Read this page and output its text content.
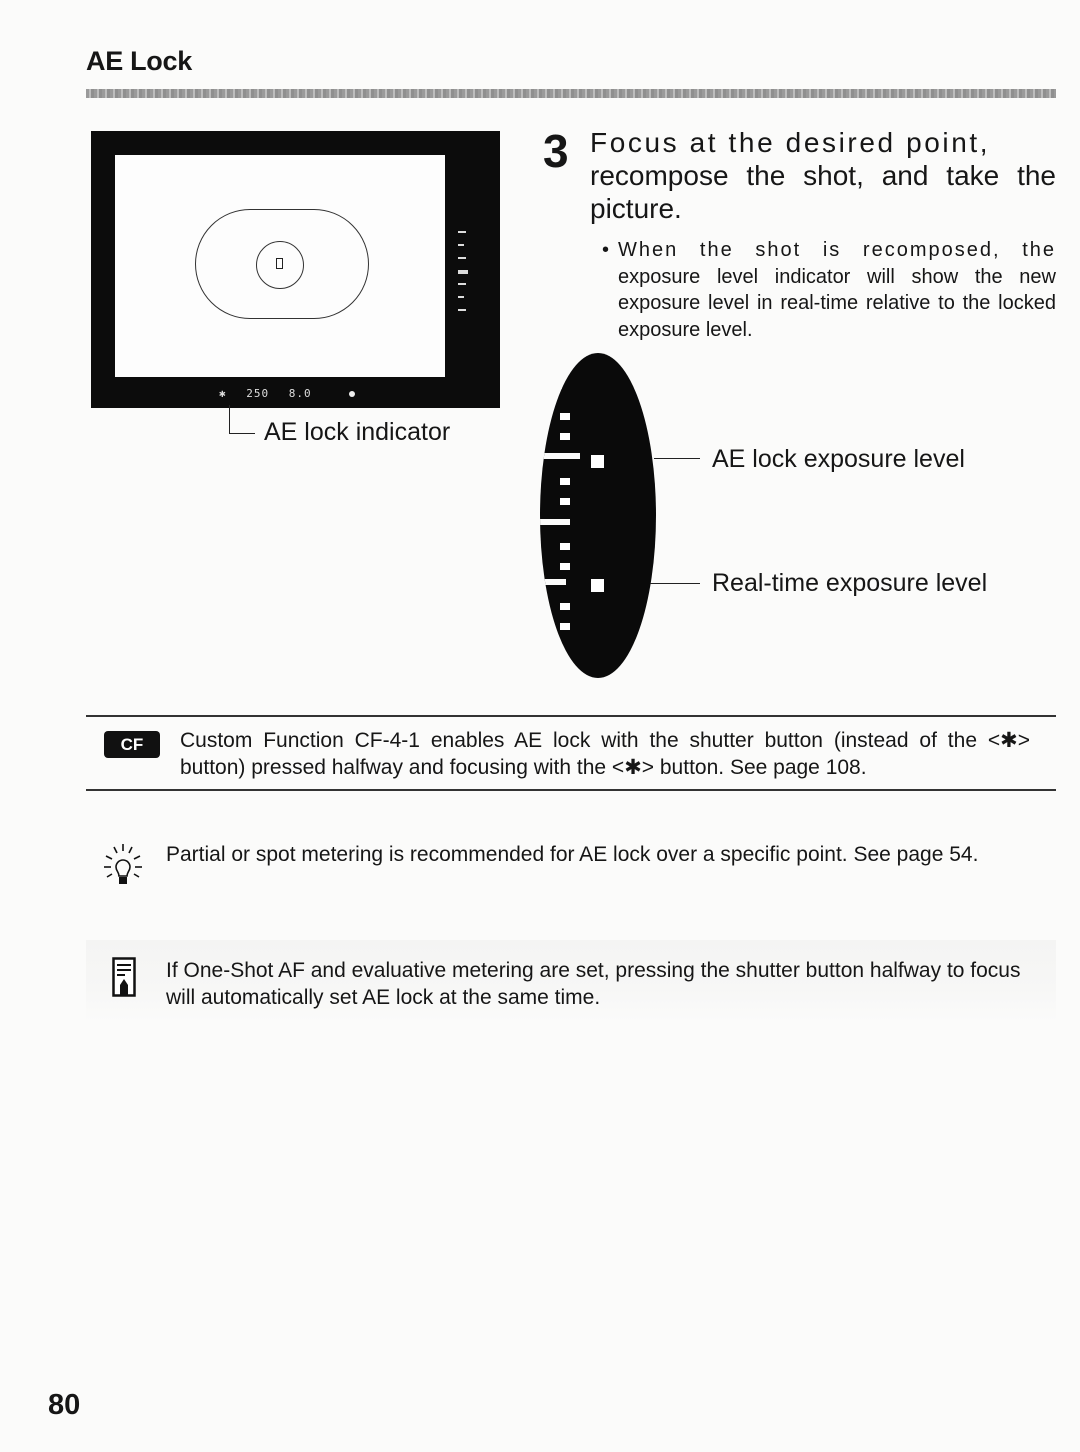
AE Lock
✱ 250 8.0
AE lock indicator
3 Focus at the desired point,
recompose the shot, and take the picture.
• When the shot is recomposed, the exposure level indicator will show the new exposure level in real-time relative to the locked exposure level.
AE lock exposure level
Real-time exposure level
CF	Custom Function CF-4-1 enables AE lock with the shutter button (instead of the <✱> button) pressed halfway and focusing with the <✱> button. See page 108.
Partial or spot metering is recommended for AE lock over a specific point. See page 54.
If One-Shot AF and evaluative metering are set, pressing the shutter button halfway to focus will automatically set AE lock at the same time.
80
